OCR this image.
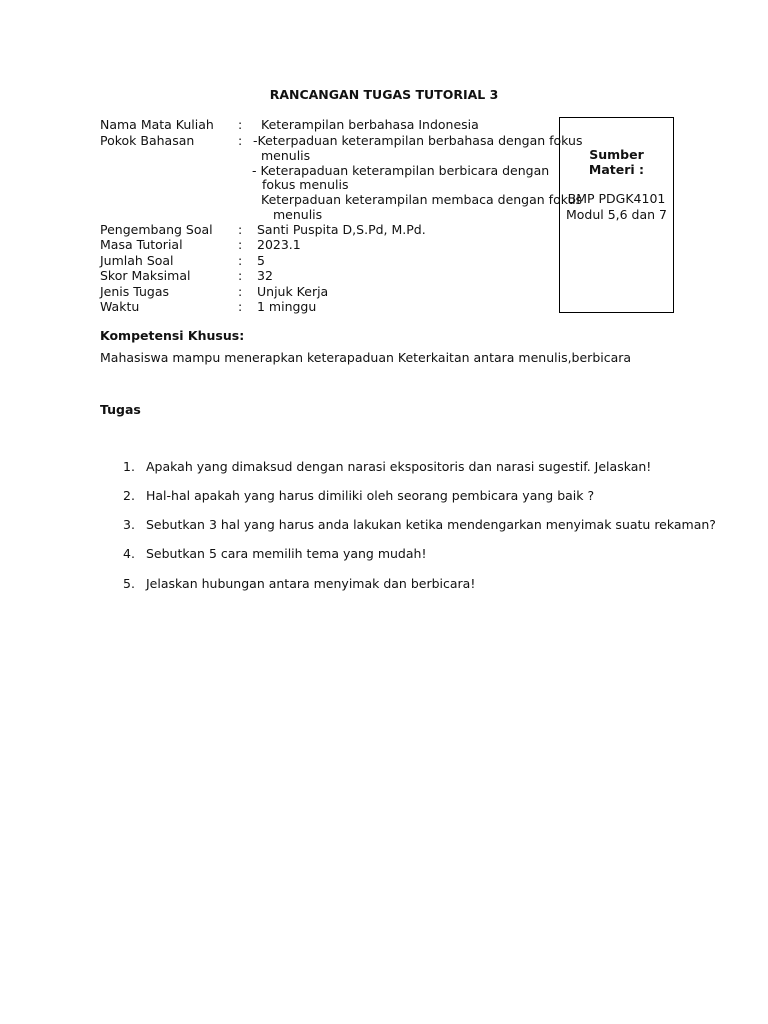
RANCANGAN TUGAS TUTORIAL 3
Nama Mata Kuliah : Keterampilan berbahasa Indonesia
Pokok Bahasan	: -Keterpaduan keterampilan berbahasa dengan fokus
menulis
- Keterapaduan keterampilan berbicara dengan
fokus menulis
Keterpaduan keterampilan membaca dengan fokus
menulis
Pengembang Soal : Santi Puspita D,S.Pd, M.Pd.
Masa Tutorial	: 2023.1
Jumlah Soal	: 5
Skor Maksimal	: 32
Jenis Tugas	: Unjuk Kerja
Waktu	: 1 minggu
Sumber
Materi :
BMP PDGK4101
Modul 5,6 dan 7
Kompetensi Khusus:
Mahasiswa mampu menerapkan keterapaduan Keterkaitan antara menulis,berbicara
Tugas
1. Apakah yang dimaksud dengan narasi ekspositoris dan narasi sugestif. Jelaskan!
2. Hal-hal apakah yang harus dimiliki oleh seorang pembicara yang baik ?
3. Sebutkan 3 hal yang harus anda lakukan ketika mendengarkan menyimak suatu rekaman?
4. Sebutkan 5 cara memilih tema yang mudah!
5. Jelaskan hubungan antara menyimak dan berbicara!
